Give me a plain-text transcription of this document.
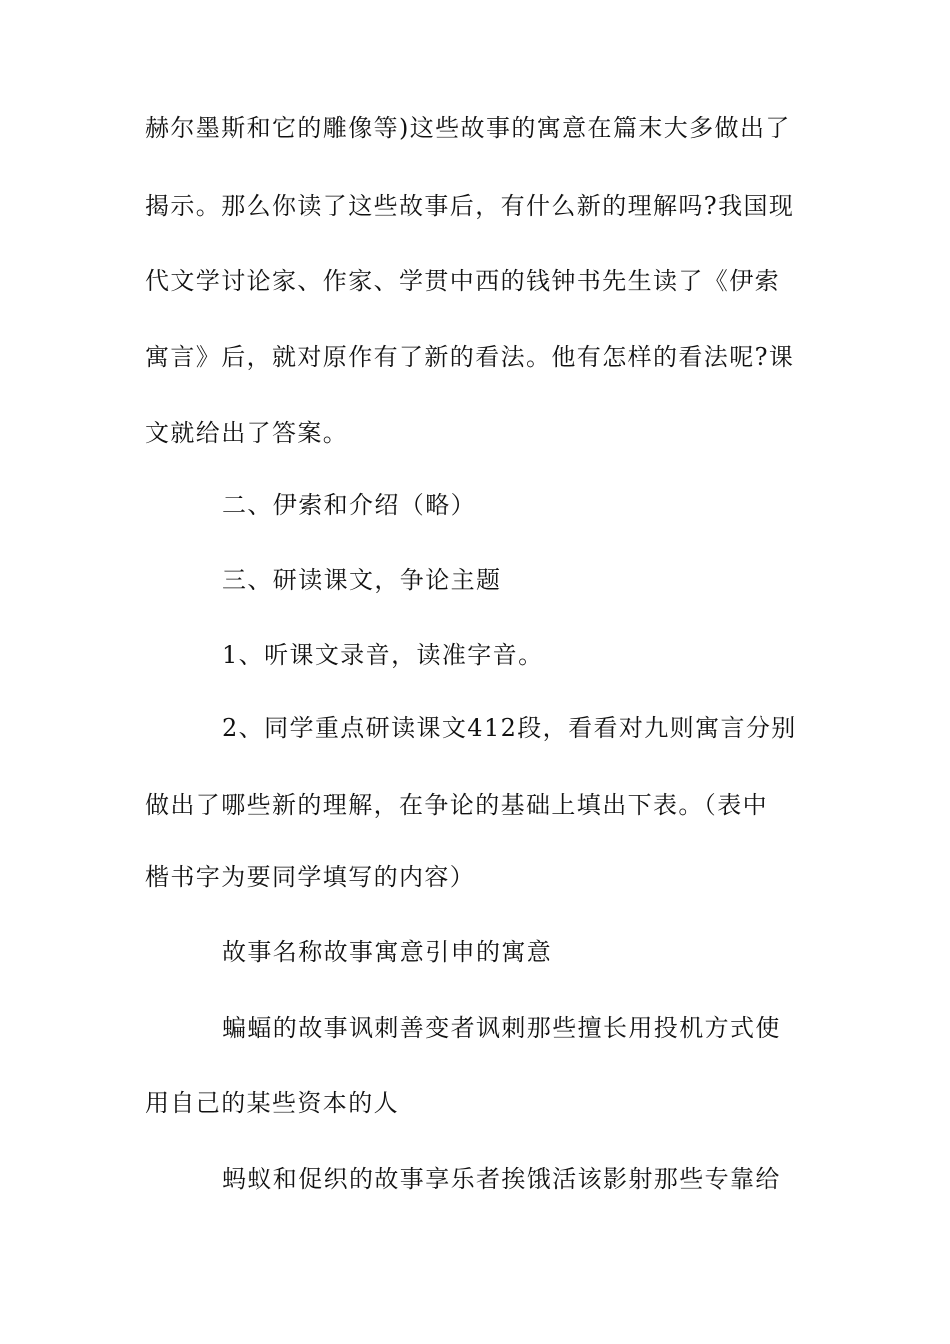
赫尔墨斯和它的雕像等)这些故事的寓意在篇末大多做出了
揭示。那么你读了这些故事后，有什么新的理解吗?我国现
代文学讨论家、作家、学贯中西的钱钟书先生读了《伊索
寓言》后，就对原作有了新的看法。他有怎样的看法呢?课
文就给出了答案。
二、伊索和介绍（略）
三、研读课文，争论主题
1、听课文录音，读准字音。
2、同学重点研读课文412段，看看对九则寓言分别
做出了哪些新的理解，在争论的基础上填出下表。（表中
楷书字为要同学填写的内容）
故事名称故事寓意引申的寓意
蝙蝠的故事讽刺善变者讽刺那些擅长用投机方式使
用自己的某些资本的人
蚂蚁和促织的故事享乐者挨饿活该影射那些专靠给
